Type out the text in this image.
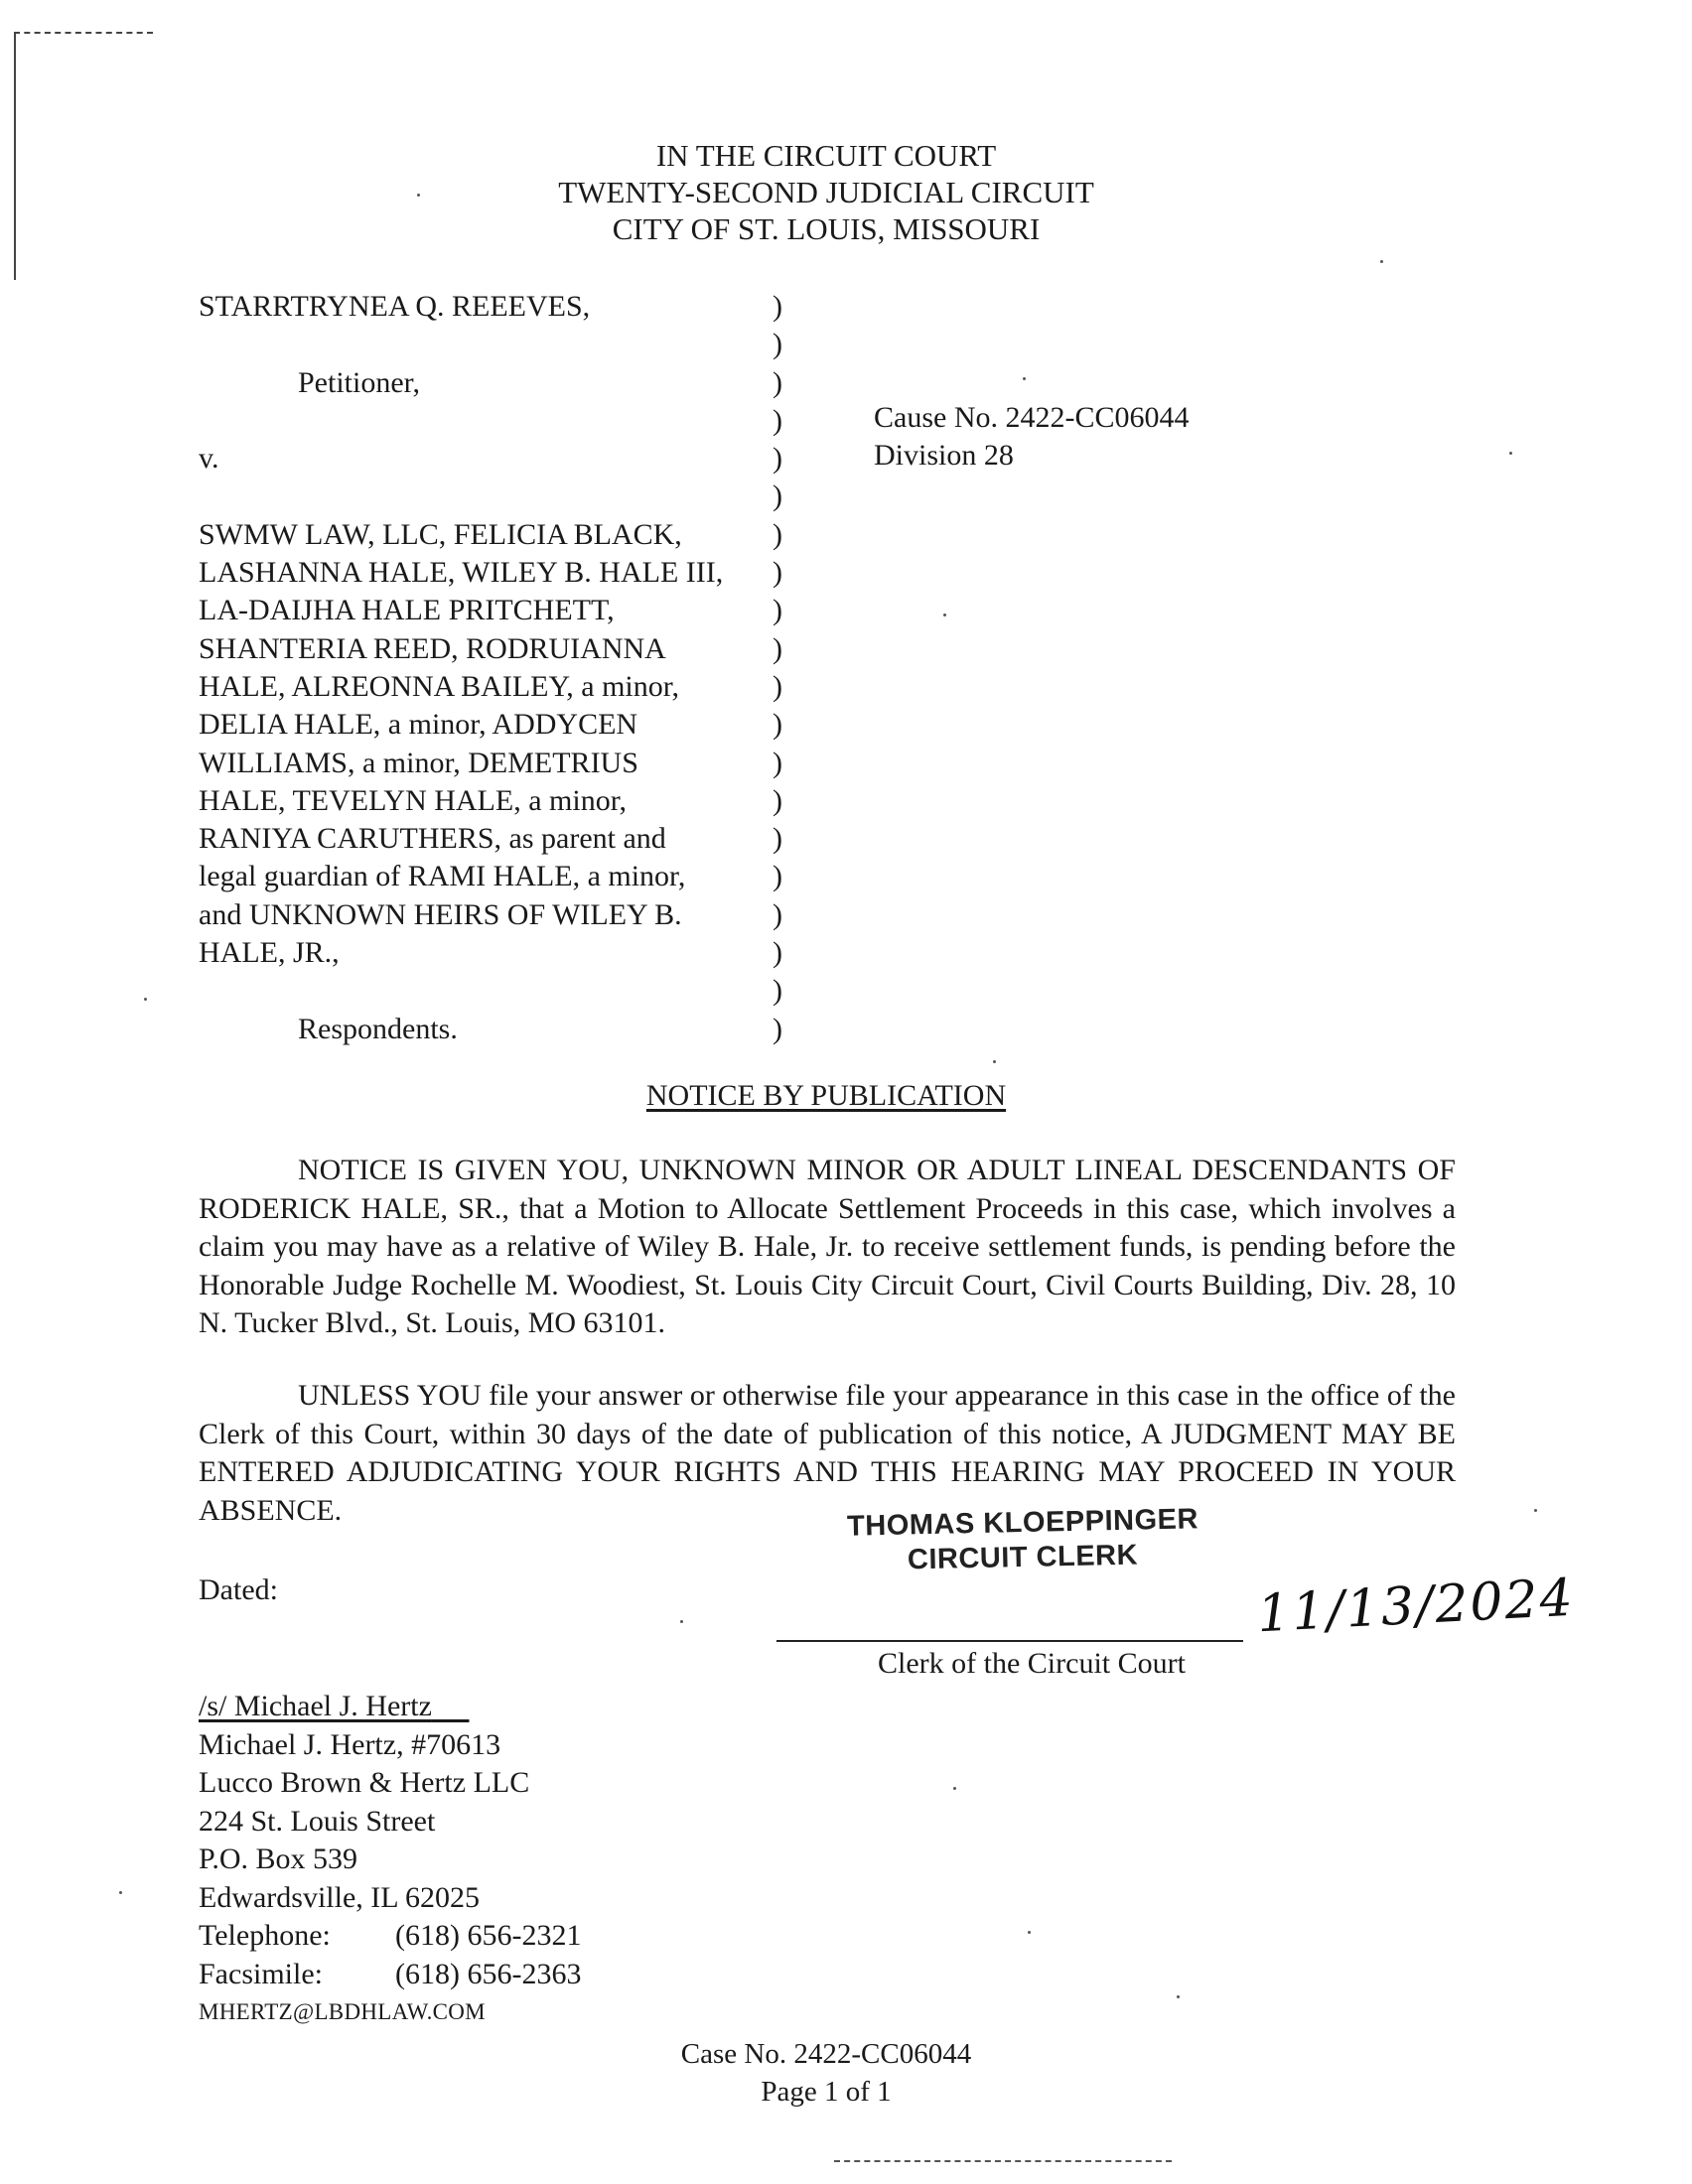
IN THE CIRCUIT COURT
TWENTY-SECOND JUDICIAL CIRCUIT
CITY OF ST. LOUIS, MISSOURI
STARRTRYNEA Q. REEEVES,

Petitioner,

v.

SWMW LAW, LLC, FELICIA BLACK,
LASHANNA HALE, WILEY B. HALE III,
LA-DAIJHA HALE PRITCHETT,
SHANTERIA REED, RODRUIANNA
HALE, ALREONNA BAILEY, a minor,
DELIA HALE, a minor, ADDYCEN
WILLIAMS, a minor, DEMETRIUS
HALE, TEVELYN HALE, a minor,
RANIYA CARUTHERS, as parent and
legal guardian of RAMI HALE, a minor,
and UNKNOWN HEIRS OF WILEY B.
HALE, JR.,

Respondents.
)
)
)
)
)
)
)
)
)
)
)
)
)
)
)
)
)
)
)
)
Cause No. 2422-CC06044
Division 28
NOTICE BY PUBLICATION
NOTICE IS GIVEN YOU, UNKNOWN MINOR OR ADULT LINEAL DESCENDANTS OF RODERICK HALE, SR., that a Motion to Allocate Settlement Proceeds in this case, which involves a claim you may have as a relative of Wiley B. Hale, Jr. to receive settlement funds, is pending before the Honorable Judge Rochelle M. Woodiest, St. Louis City Circuit Court, Civil Courts Building, Div. 28, 10 N. Tucker Blvd., St. Louis, MO 63101.
UNLESS YOU file your answer or otherwise file your appearance in this case in the office of the Clerk of this Court, within 30 days of the date of publication of this notice, A JUDGMENT MAY BE ENTERED ADJUDICATING YOUR RIGHTS AND THIS HEARING MAY PROCEED IN YOUR ABSENCE.	THOMAS KLOEPPINGER
CIRCUIT CLERK
Dated:	11/13/2024
Clerk of the Circuit Court
/s/ Michael J. Hertz
Michael J. Hertz, #70613
Lucco Brown & Hertz LLC
224 St. Louis Street
P.O. Box 539
Edwardsville, IL 62025
Telephone: (618) 656-2321
Facsimile: (618) 656-2363
MHERTZ@LBDHLAW.COM
Case No. 2422-CC06044
Page 1 of 1
